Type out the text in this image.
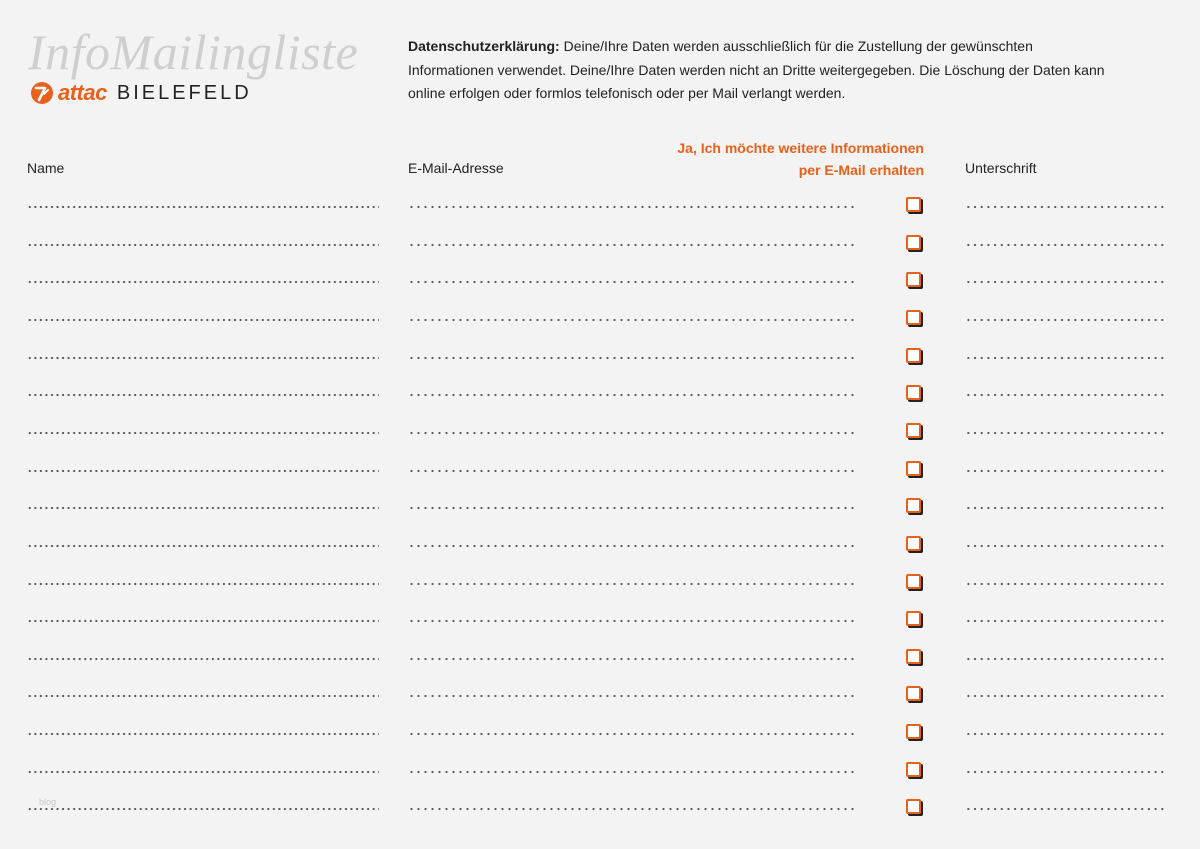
InfoMailingliste
attac BIELEFELD

Datenschutzerklärung: Deine/Ihre Daten werden ausschließlich für die Zustellung der gewünschten Informationen verwendet. Deine/Ihre Daten werden nicht an Dritte weitergegeben. Die Löschung der Daten kann online erfolgen oder formlos telefonisch oder per Mail verlangt werden.

Ja, Ich möchte weitere Informationen
per E-Mail erhalten
Name	E-Mail-Adresse	Unterschrift
blog
